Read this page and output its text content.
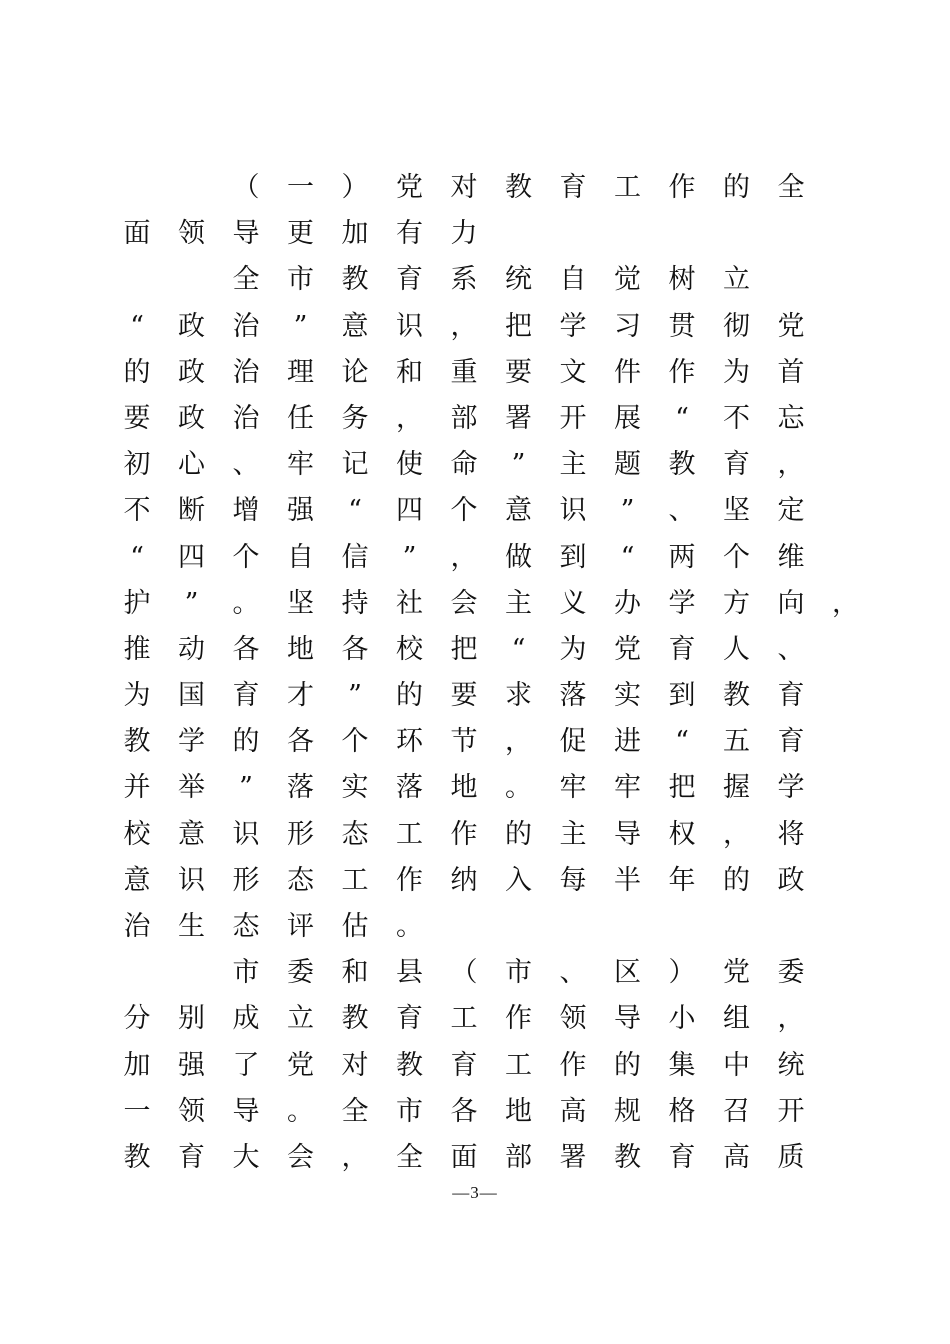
（ 一 ） 党 对 教 育 工 作 的 全
面 领 导 更 加 有 力
全 市 教 育 系 统 自 觉 树 立
“	政 治	”	意 识 ， 把 学 习 贯 彻 党
的 政 治 理 论 和 重 要 文 件 作 为 首
要 政 治 任 务 ， 部 署 开 展	“	不 忘
初 心 、 牢 记 使 命	”	主 题 教 育 ，
不 断 增 强	“	四 个 意 识	”	、 坚 定
“	四 个 自 信	”	， 做 到	“	两 个 维
护	”	。 坚 持 社 会 主 义 办 学 方 向 ，
推 动 各 地 各 校 把	“	为 党 育 人 、
为 国 育 才	”	的 要 求 落 实 到 教 育
教 学 的 各 个 环 节 ， 促 进	“	五 育
并 举	”	落 实 落 地 。 牢 牢 把 握 学
校 意 识 形 态 工 作 的 主 导 权 ， 将
意 识 形 态 工 作 纳 入 每 半 年 的 政
治 生 态 评 估 。
市 委 和 县 （ 市 、 区 ） 党 委
分 别 成 立 教 育 工 作 领 导 小 组 ，
加 强 了 党 对 教 育 工 作 的 集 中 统
一 领 导 。 全 市 各 地 高 规 格 召 开
教 育 大 会 ， 全 面 部 署 教 育 高 质
—3—
